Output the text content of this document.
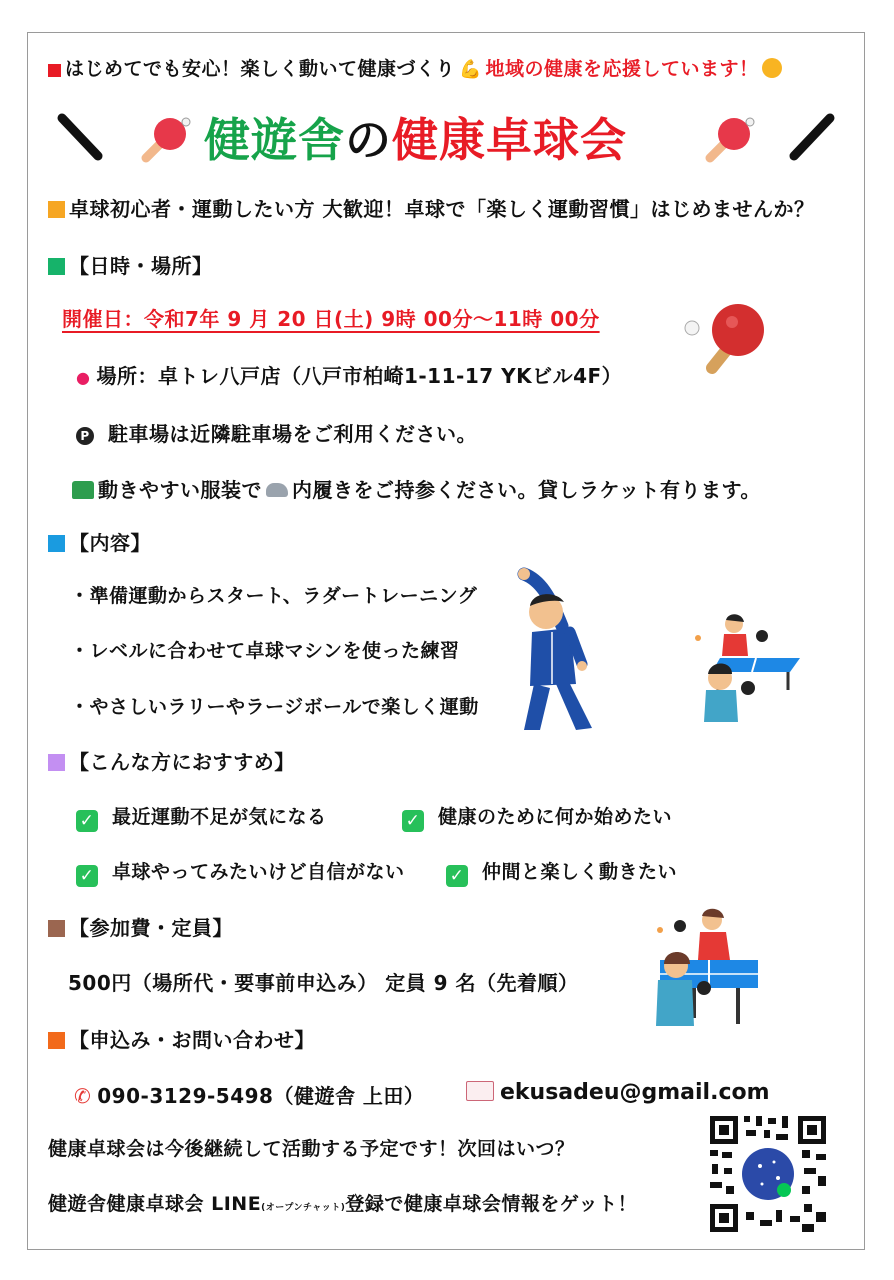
はじめてでも安心！楽しく動いて健康づくり 💪 地域の健康を応援しています！
健遊舎の健康卓球会
卓球初心者・運動したい方 大歓迎！卓球で「楽しく運動習慣」はじめませんか？
【日時・場所】
開催日：令和7年 9 月 20 日(土) 9時 00分〜11時 00分
● 場所：卓トレ八戸店（八戸市柏崎1-11-17 YKビル4F）
P 駐車場は近隣駐車場をご利用ください。
動きやすい服装で 内履きをご持参ください。貸しラケット有ります。
【内容】
・準備運動からスタート、ラダートレーニング
・レベルに合わせて卓球マシンを使った練習
・やさしいラリーやラージボールで楽しく運動
【こんな方におすすめ】
✓ 最近運動不足が気になる	✓ 健康のために何か始めたい
✓ 卓球やってみたいけど自信がない	✓ 仲間と楽しく動きたい
【参加費・定員】
500円（場所代・要事前申込み） 定員 9 名（先着順）
【申込み・お問い合わせ】
✆ 090-3129-5498（健遊舎 上田）	ekusadeu@gmail.com
健康卓球会は今後継続して活動する予定です！次回はいつ？
健遊舎健康卓球会 LINE(オープンチャット)登録で健康卓球会情報をゲット！
